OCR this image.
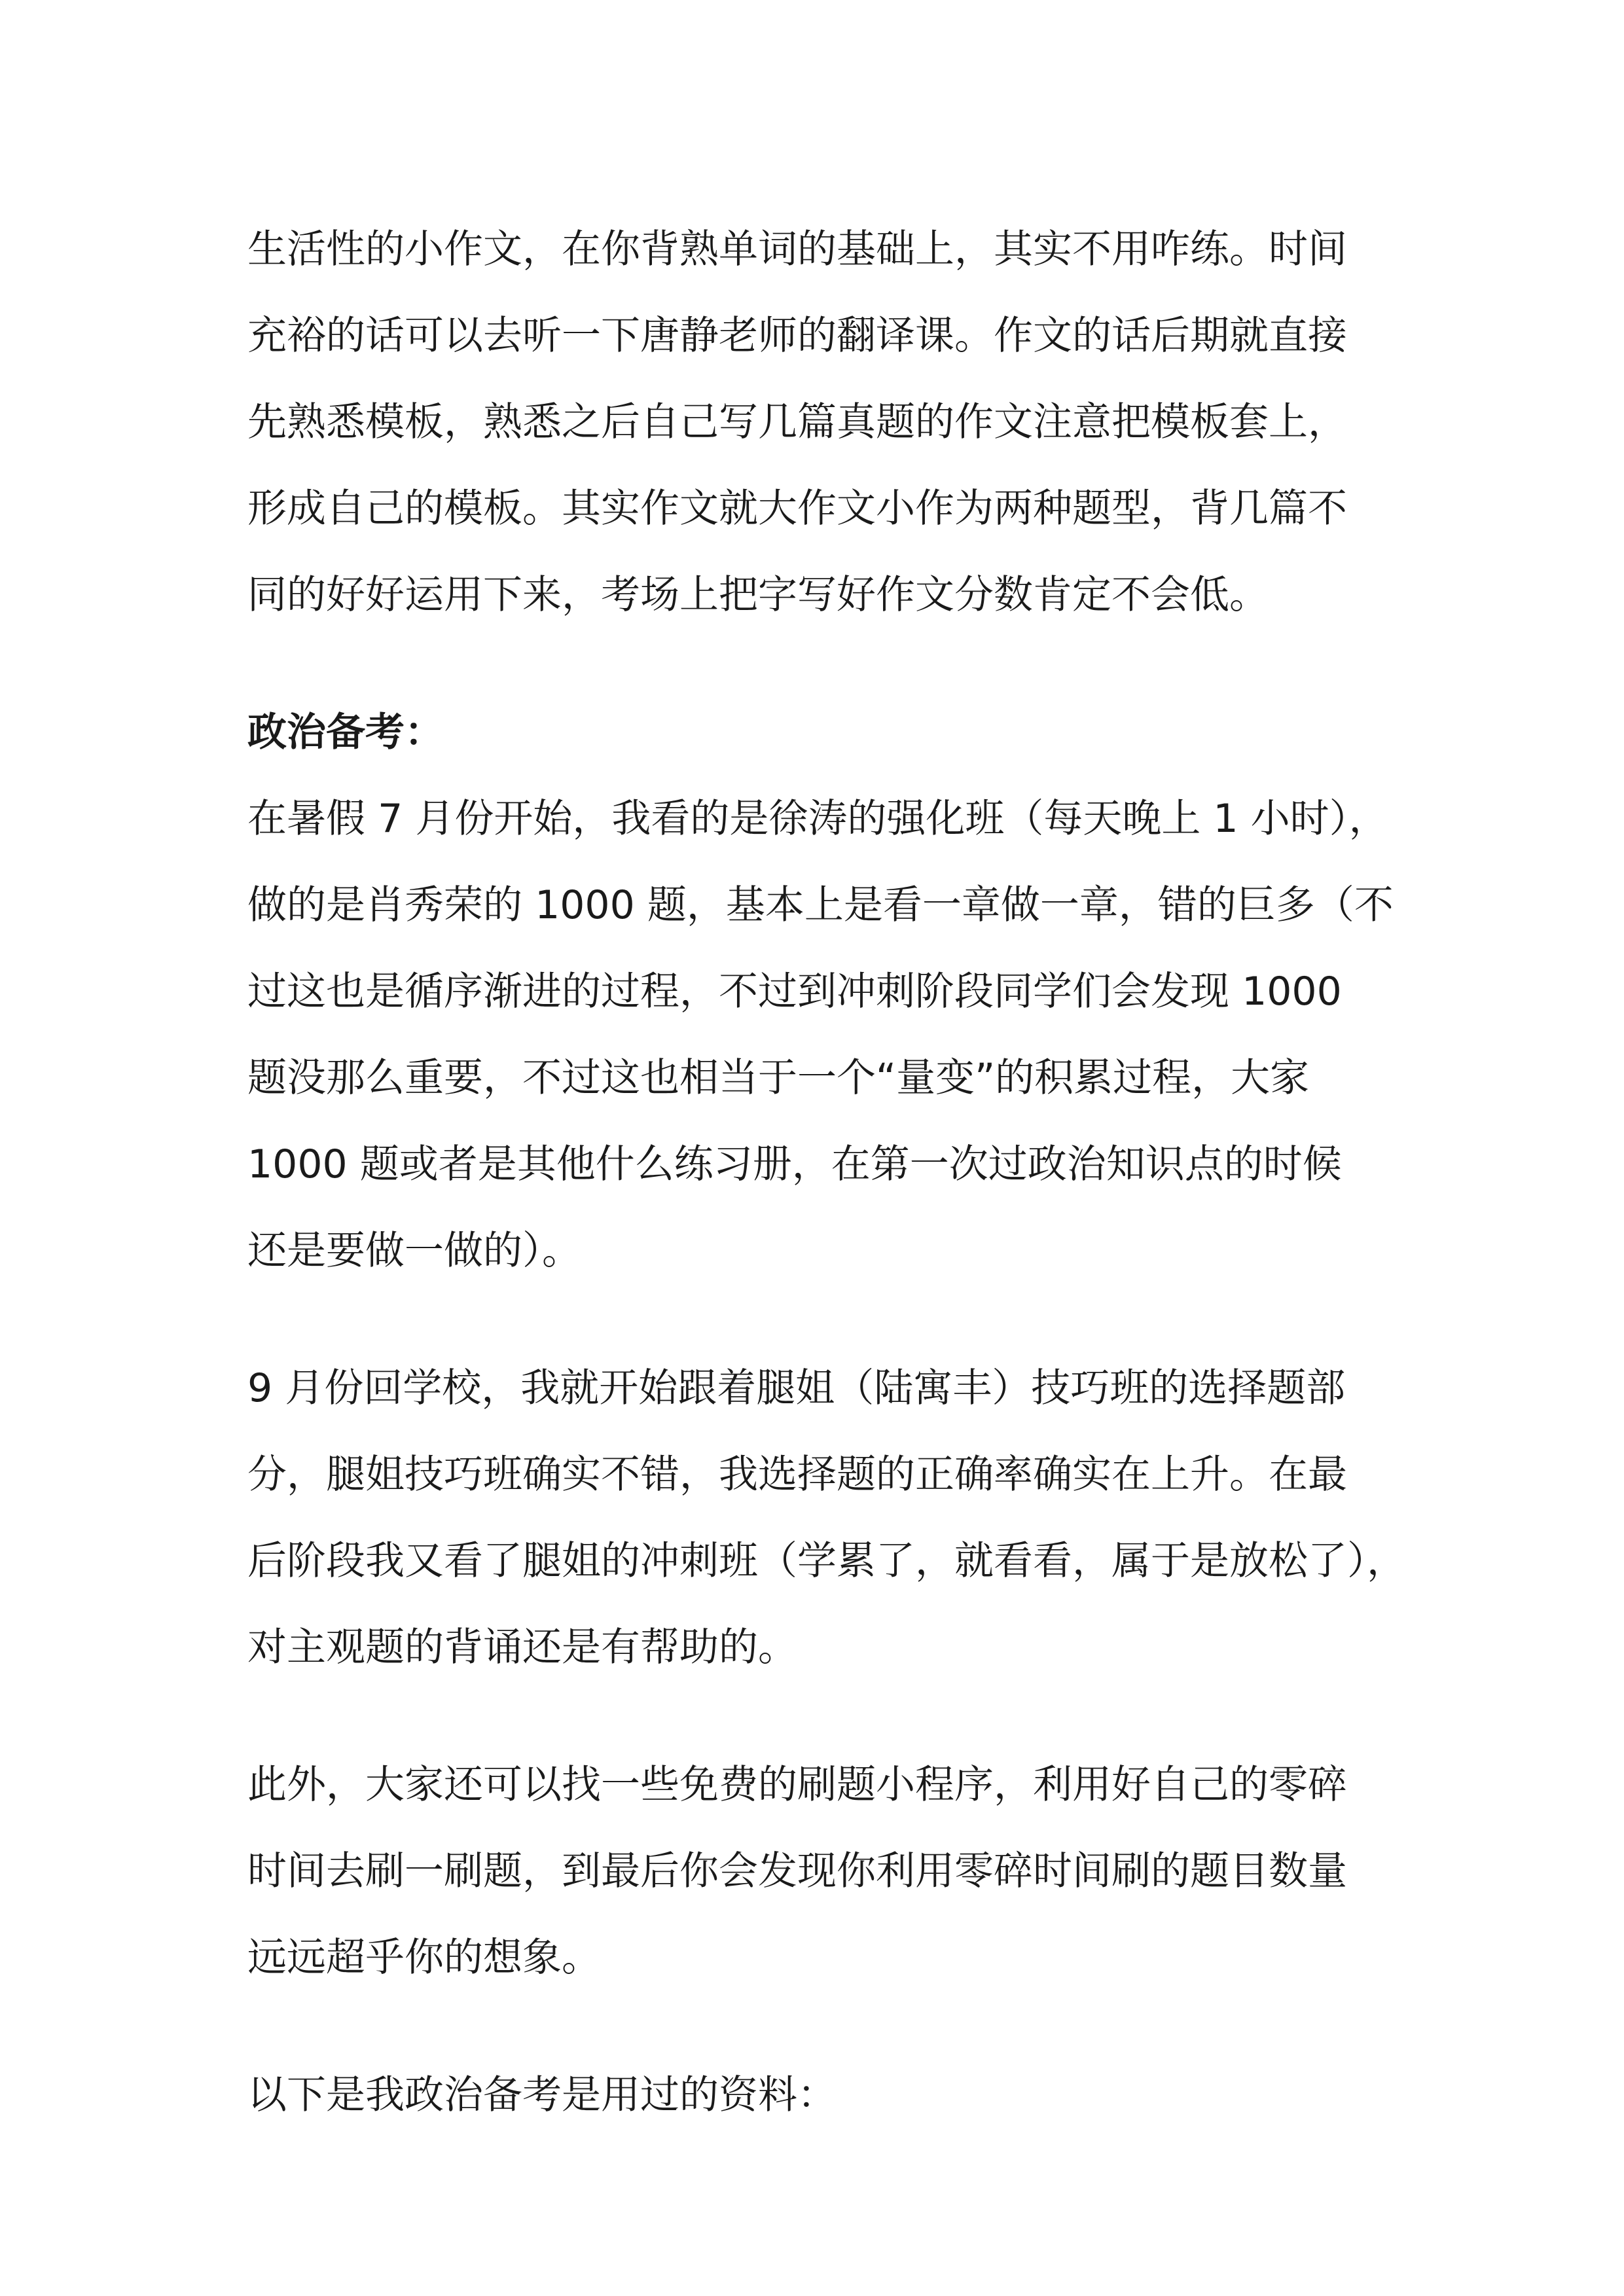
生活性的小作文，在你背熟单词的基础上，其实不用咋练。时间
充裕的话可以去听一下唐静老师的翻译课。作文的话后期就直接
先熟悉模板，熟悉之后自己写几篇真题的作文注意把模板套上，
形成自己的模板。其实作文就大作文小作为两种题型，背几篇不
同的好好运用下来，考场上把字写好作文分数肯定不会低。

政治备考：

在暑假 7 月份开始，我看的是徐涛的强化班（每天晚上 1 小时），
做的是肖秀荣的 1000 题，基本上是看一章做一章，错的巨多（不
过这也是循序渐进的过程，不过到冲刺阶段同学们会发现 1000
题没那么重要，不过这也相当于一个“量变”的积累过程，大家
1000 题或者是其他什么练习册，在第一次过政治知识点的时候
还是要做一做的）。

9 月份回学校，我就开始跟着腿姐（陆寓丰）技巧班的选择题部
分，腿姐技巧班确实不错，我选择题的正确率确实在上升。在最
后阶段我又看了腿姐的冲刺班（学累了，就看看，属于是放松了），
对主观题的背诵还是有帮助的。

此外，大家还可以找一些免费的刷题小程序，利用好自己的零碎
时间去刷一刷题，到最后你会发现你利用零碎时间刷的题目数量
远远超乎你的想象。

以下是我政治备考是用过的资料：
